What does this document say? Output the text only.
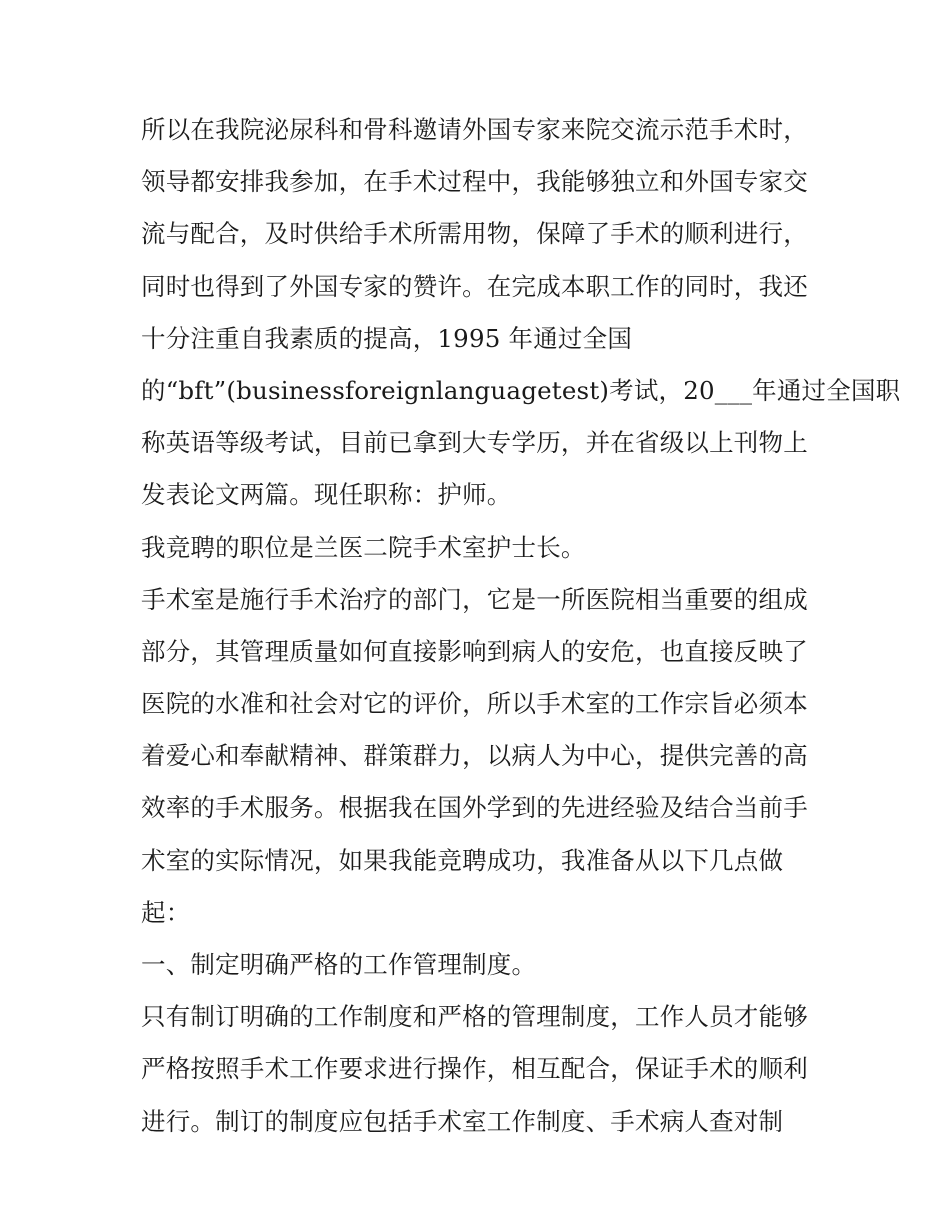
所以在我院泌尿科和骨科邀请外国专家来院交流示范手术时，
领导都安排我参加，在手术过程中，我能够独立和外国专家交
流与配合，及时供给手术所需用物，保障了手术的顺利进行，
同时也得到了外国专家的赞许。在完成本职工作的同时，我还
十分注重自我素质的提高，1995 年通过全国
的“bft”(businessforeignlanguagetest)考试，20___年通过全国职
称英语等级考试，目前已拿到大专学历，并在省级以上刊物上
发表论文两篇。现任职称：护师。
我竞聘的职位是兰医二院手术室护士长。
手术室是施行手术治疗的部门，它是一所医院相当重要的组成
部分，其管理质量如何直接影响到病人的安危，也直接反映了
医院的水准和社会对它的评价，所以手术室的工作宗旨必须本
着爱心和奉献精神、群策群力，以病人为中心，提供完善的高
效率的手术服务。根据我在国外学到的先进经验及结合当前手
术室的实际情况，如果我能竞聘成功，我准备从以下几点做
起：
一、制定明确严格的工作管理制度。
只有制订明确的工作制度和严格的管理制度，工作人员才能够
严格按照手术工作要求进行操作，相互配合，保证手术的顺利
进行。制订的制度应包括手术室工作制度、手术病人查对制
